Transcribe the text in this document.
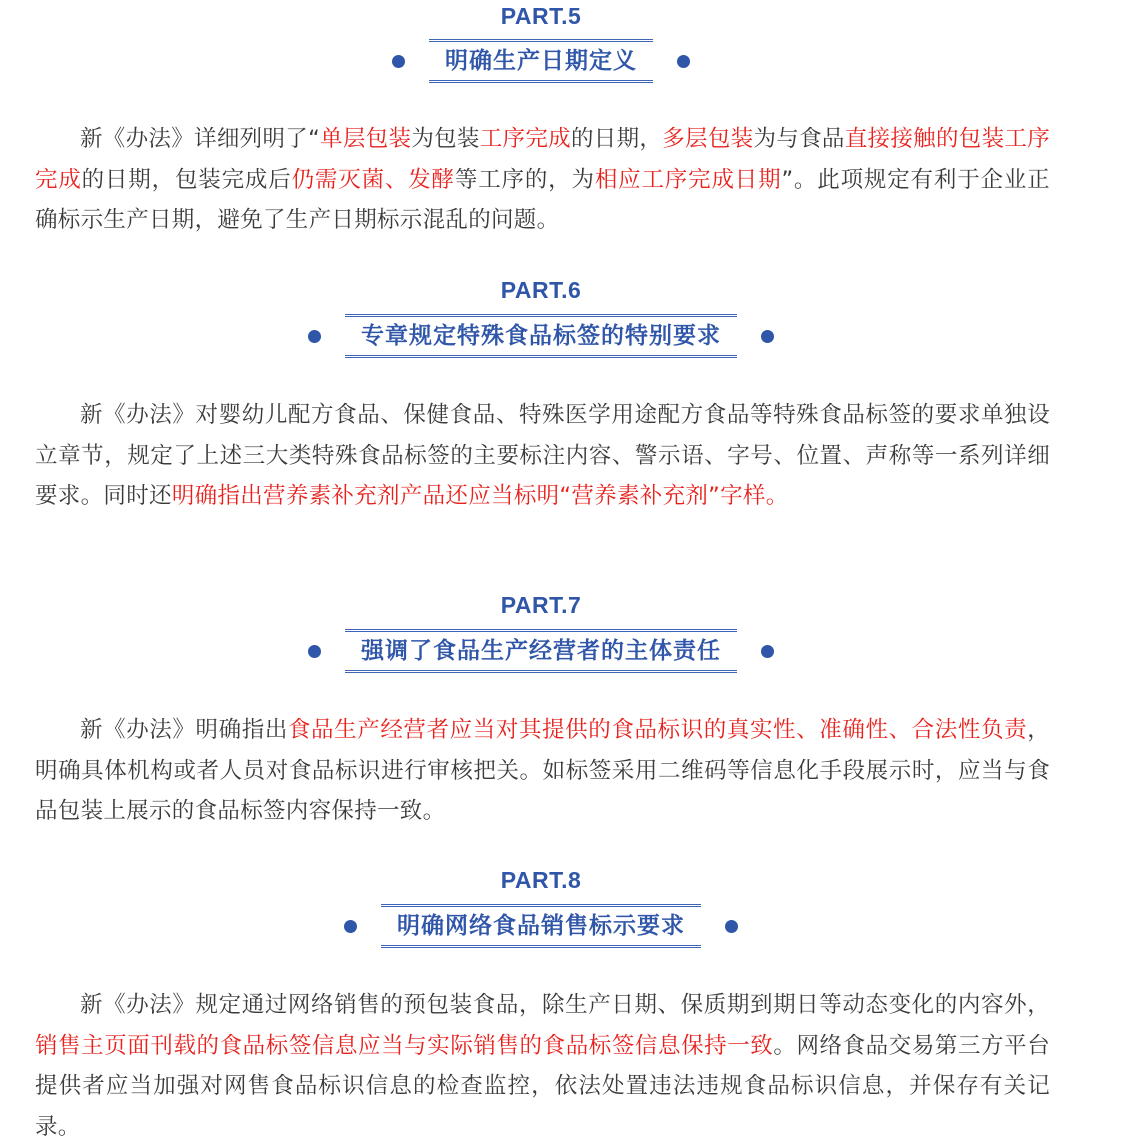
PART.5
明确生产日期定义

新《办法》详细列明了“单层包装为包装工序完成的日期，多层包装为与食品直接接触的包装工序完成的日期，包装完成后仍需灭菌、发酵等工序的，为相应工序完成日期”。此项规定有利于企业正确标示生产日期，避免了生产日期标示混乱的问题。

PART.6
专章规定特殊食品标签的特别要求

新《办法》对婴幼儿配方食品、保健食品、特殊医学用途配方食品等特殊食品标签的要求单独设立章节，规定了上述三大类特殊食品标签的主要标注内容、警示语、字号、位置、声称等一系列详细要求。同时还明确指出营养素补充剂产品还应当标明“营养素补充剂”字样。

PART.7
强调了食品生产经营者的主体责任

新《办法》明确指出食品生产经营者应当对其提供的食品标识的真实性、准确性、合法性负责，明确具体机构或者人员对食品标识进行审核把关。如标签采用二维码等信息化手段展示时，应当与食品包装上展示的食品标签内容保持一致。

PART.8
明确网络食品销售标示要求

新《办法》规定通过网络销售的预包装食品，除生产日期、保质期到期日等动态变化的内容外，销售主页面刊载的食品标签信息应当与实际销售的食品标签信息保持一致。网络食品交易第三方平台提供者应当加强对网售食品标识信息的检查监控，依法处置违法违规食品标识信息，并保存有关记录。
